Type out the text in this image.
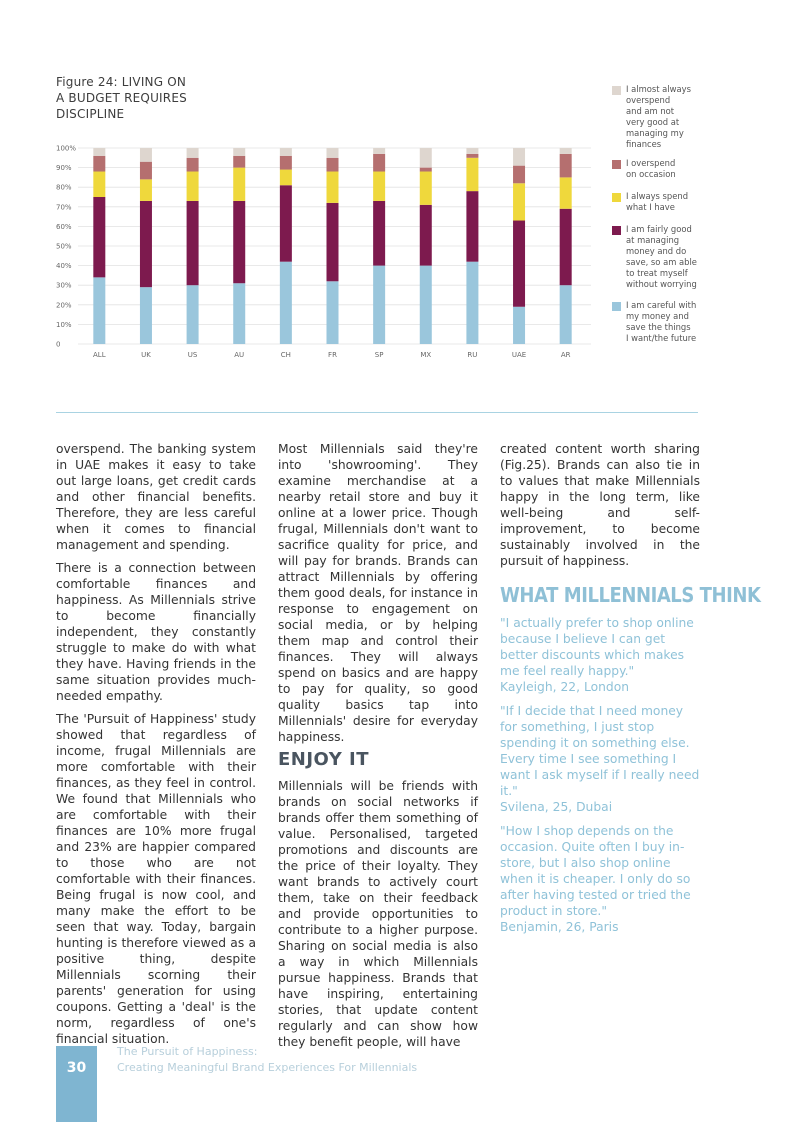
Figure 24: LIVING ON
A BUDGET REQUIRES
DISCIPLINE
0
10%
20%
30%
40%
50%
60%
70%
80%
90%
100%
ALL	UK	US	AU	CH	FR	SP	MX	RU	UAE	AR
I almost always
overspend
and am not
very good at
managing my
finances
I overspend
on occasion
I always spend
what I have
I am fairly good
at managing
money and do
save, so am able
to treat myself
without worrying
I am careful with
my money and
save the things
I want/the future

overspend. The banking system in UAE makes it easy to take out large loans, get credit cards and other financial benefits. Therefore, they are less careful when it comes to financial management and spending.

There is a connection between comfortable finances and happiness. As Millennials strive to become financially independent, they constantly struggle to make do with what they have. Having friends in the same situation provides much-needed empathy.

The 'Pursuit of Happiness' study showed that regardless of income, frugal Millennials are more comfortable with their finances, as they feel in control. We found that Millennials who are comfortable with their finances are 10% more frugal and 23% are happier compared to those who are not comfortable with their finances. Being frugal is now cool, and many make the effort to be seen that way. Today, bargain hunting is therefore viewed as a positive thing, despite Millennials scorning their parents' generation for using coupons. Getting a 'deal' is the norm, regardless of one's financial situation.

Most Millennials said they're into 'showrooming'. They examine merchandise at a nearby retail store and buy it online at a lower price. Though frugal, Millennials don't want to sacrifice quality for price, and will pay for brands. Brands can attract Millennials by offering them good deals, for instance in response to engagement on social media, or by helping them map and control their finances. They will always spend on basics and are happy to pay for quality, so good quality basics tap into Millennials' desire for everyday happiness.

ENJOY IT

Millennials will be friends with brands on social networks if brands offer them something of value. Personalised, targeted promotions and discounts are the price of their loyalty. They want brands to actively court them, take on their feedback and provide opportunities to contribute to a higher purpose. Sharing on social media is also a way in which Millennials pursue happiness. Brands that have inspiring, entertaining stories, that update content regularly and can show how they benefit people, will have

created content worth sharing (Fig.25). Brands can also tie in to values that make Millennials happy in the long term, like well-being and self-improvement, to become sustainably involved in the pursuit of happiness.

WHAT MILLENNIALS THINK
"I actually prefer to shop online because I believe I can get better discounts which makes me feel really happy."
Kayleigh, 22, London
"If I decide that I need money for something, I just stop spending it on something else. Every time I see something I want I ask myself if I really need it."
Svilena, 25, Dubai
"How I shop depends on the occasion. Quite often I buy in-store, but I also shop online when it is cheaper. I only do so after having tested or tried the product in store."
Benjamin, 26, Paris
30
The Pursuit of Happiness:
Creating Meaningful Brand Experiences For Millennials
